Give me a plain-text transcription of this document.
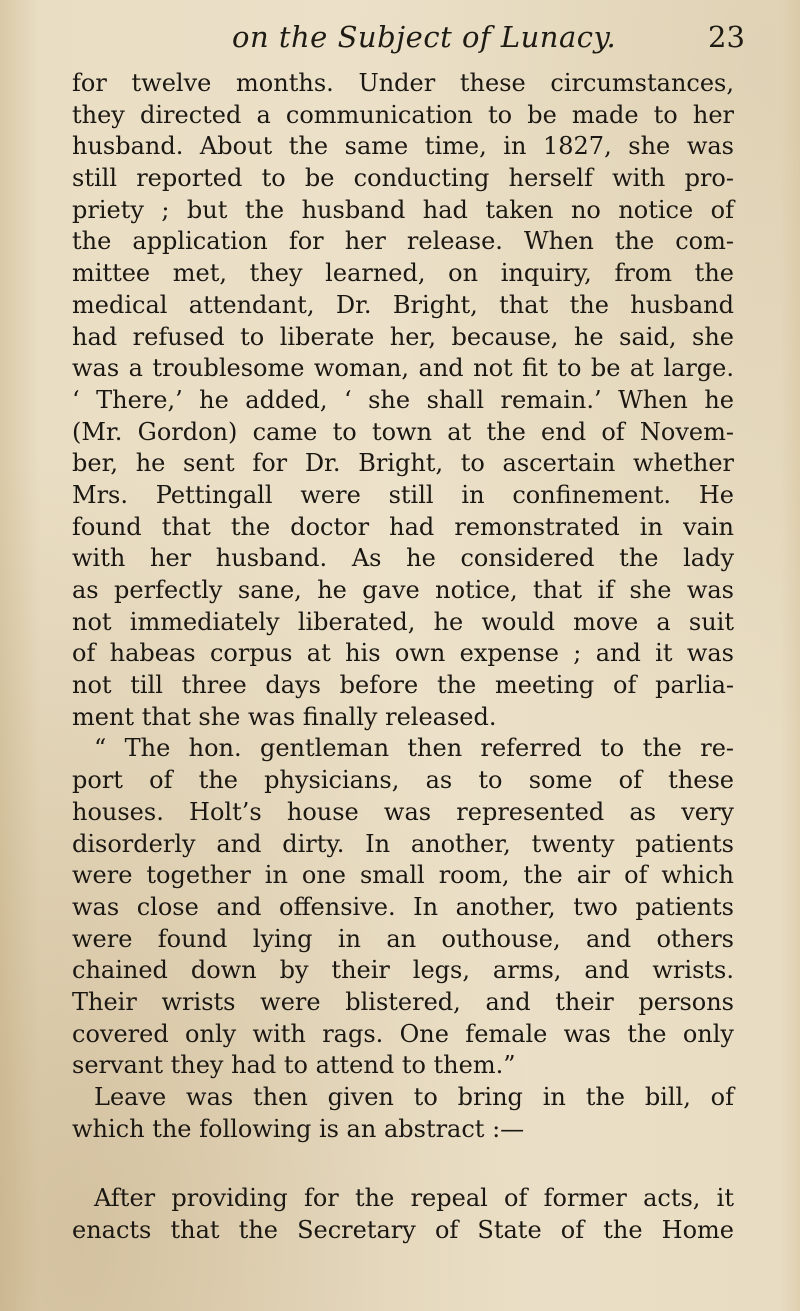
on the Subject of Lunacy.	23
for twelve months. Under these circumstances,
they directed a communication to be made to her
husband. About the same time, in 1827, she was
still reported to be conducting herself with pro-
priety ; but the husband had taken no notice of
the application for her release. When the com-
mittee met, they learned, on inquiry, from the
medical attendant, Dr. Bright, that the husband
had refused to liberate her, because, he said, she
was a troublesome woman, and not fit to be at large.
‘ There,’ he added, ‘ she shall remain.’ When he
(Mr. Gordon) came to town at the end of Novem-
ber, he sent for Dr. Bright, to ascertain whether
Mrs. Pettingall were still in confinement. He
found that the doctor had remonstrated in vain
with her husband. As he considered the lady
as perfectly sane, he gave notice, that if she was
not immediately liberated, he would move a suit
of habeas corpus at his own expense ; and it was
not till three days before the meeting of parlia-
ment that she was finally released.
“ The hon. gentleman then referred to the re-
port of the physicians, as to some of these
houses. Holt’s house was represented as very
disorderly and dirty. In another, twenty patients
were together in one small room, the air of which
was close and offensive. In another, two patients
were found lying in an outhouse, and others
chained down by their legs, arms, and wrists.
Their wrists were blistered, and their persons
covered only with rags. One female was the only
servant they had to attend to them.”
Leave was then given to bring in the bill, of
which the following is an abstract :—
After providing for the repeal of former acts, it
enacts that the Secretary of State of the Home
